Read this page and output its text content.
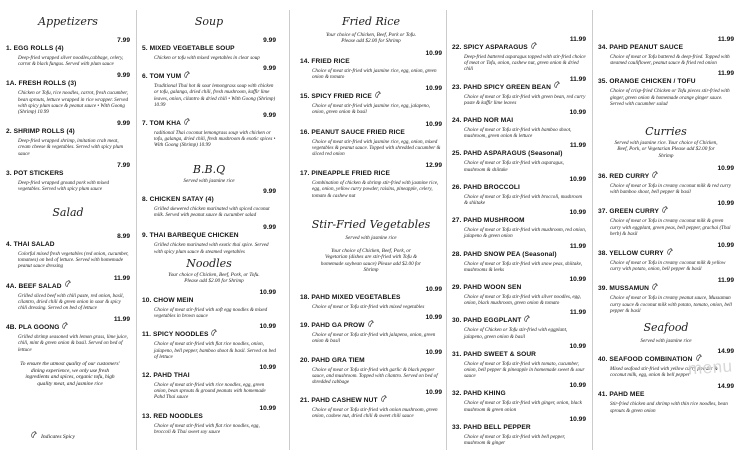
Appetizers
1. EGG ROLLS (4)
7.99
Deep-fried wrapped silver noodles,cabbage, celery, carrot & black fungus. Served with plum sauce
1A. FRESH ROLLS (3)
9.99
Chicken or Tofu, rice noodles, carrot, fresh cucumber, bean sprouts, lettuce wrapped in rice wrapper. Served with spicy plum sauce & peanut sauce • With Goong (Shrimp) 10.99
2. SHRIMP ROLLS (4)
9.99
Deep-fried wrapped shrimp, imitation crab meat, cream cheese & vegetables. Served with spicy plum sauce
3. POT STICKERS
7.99
Deep-fried wrapped ground pork with mixed vegetables. Served with spicy plum sauce
Salad
4. THAI SALAD
8.99
Colorful mixed fresh vegetables (red onion, cucumber, tomatoes) on bed of lettuce. Served with homemade peanut sauce dressing
4A. BEEF SALAD
11.99
Grilled sliced beef with chili paste, red onion, basil, cilantro, dried chili & green onion in sour & spicy chili dressing. Served on bed of lettuce
4B. PLA GOONG
11.99
Grilled shrimp seasoned with lemon grass, lime juice, chili, mint & green onion & basil. Served on bed of lettuce
To ensure the utmost quality of our customers' dining experience, we only use fresh ingredients and spices, organic tofu, high quality meat, and jasmine rice
Indicates Spicy
Soup
5. MIXED VEGETABLE SOUP
9.99
Chicken or tofu with mixed vegetables in clear soup
6. TOM YUM
9.99
Traditional Thai hot & sour lemongrass soup with chicken or tofu, galanga, dried chili, fresh mushroom, kaffir lime leaves, onion, cilantro & dried chili • With Goong (Shrimp) 10.99
7. TOM KHA
9.99
raditional Thai coconut lemongrass soup with chicken or tofu, galanga, dried chili, fresh mushroom & exotic spices • With Goong (Shrimp) 10.99
B.B.Q
Served with jasmine rice
8. CHICKEN SATAY (4)
9.99
Grilled skewered chicken marinated with spiced coconut milk. Served with peanut sauce & cucumber salad
9. THAI BARBEQUE CHICKEN
9.99
Grilled chicken marinated with exotic thai spice. Served with spicy plum sauce & steamed vegetables
Noodles
Your choice of Chicken, Beef, Pork, or Tofu. Please add $2.00 for Shrimp
10. CHOW MEIN
10.99
Choice of meat stir-fried with soft egg noodles & mixed vegetables in brown sauce
11. SPICY NOODLES
10.99
Choice of meat stir-fried with flat rice noodles, onion, jalapeno, bell pepper, bamboo shoot & basil. Served on bed of lettuce
12. PAHD THAI
10.99
Choice of meat stir-fried with rice noodles, egg, green onion, bean sprouts & ground peanuts with homemade Pahd Thai sauce
13. RED NOODLES
10.99
Choice of meat stir-fried with flat rice noodles, egg, broccoli & Thai sweet soy sauce
Fried Rice
Your choice of Chicken, Beef, Pork or Tofu. Please add $2.00 for Shrimp
14. FRIED RICE
10.99
Choice of meat stir-fried with jasmine rice, egg, onion, green onion & tomato
15. SPICY FRIED RICE
10.99
Choice of meat stir-fried with jasmine rice, egg, jalapeno, onion, green onion & basil
16. PEANUT SAUCE FRIED RICE
10.99
Choice of meat stir-fried with jasmine rice, egg, onion, mixed vegetables & peanut sauce. Topped with shredded cucumber & sliced red onion
17. PINEAPPLE FRIED RICE
12.99
Combination of chicken & shrimp stir-fried with jasmine rice, egg, onion, yellow curry powder, raisins, pineapple, celery, tomato & cashew nut
Stir-Fried Vegetables
Served with jasmine rice
Your choice of Chicken, Beef, Pork, or Vegetarian (dishes are stir-fried with Tofu & homemade soybean sauce) Please add $2.00 for Shrimp
18. PAHD MIXED VEGETABLES
10.99
Choice of meat or Tofu stir-fried with mixed vegetables
19. PAHD GA PROW
10.99
Choice of meat or Tofu stir-fried with jalapeno, onion, green onion & basil
20. PAHD GRA TIEM
10.99
Choice of meat or Tofu stir-fried with garlic & black pepper sauce, and mushroom. Topped with cilantro. Served on bed of shredded cabbage
21. PAHD CASHEW NUT
10.99
Choice of meat or Tofu stir-fried with onion mushroom, green onion, cashew nut, dried chili & sweet chili sauce
22. SPICY ASPARAGUS
11.99
Deep-fried battered asparagus topped with stir-fried choice of meat or Tofu, onion, cashew nut, green onion & dried chili
23. PAHD SPICY GREEN BEAN
11.99
Choice of meat or Tofu stir-fried with green bean, red curry paste & kaffir lime leaves
24. PAHD NOR MAI
10.99
Choice of meat or Tofu stir-fried with bamboo shoot, mushroom, green onion & lettuce
25. PAHD ASPARAGUS (Seasonal)
11.99
Choice of meat or Tofu stir-fried with asparagus, mushroom & shiitake
26. PAHD BROCCOLI
10.99
Choice of meat or Tofu stir-fried with broccoli, mushroom & shiitake
27. PAHD MUSHROOM
10.99
Choice of meat or Tofu stir-fried with mushroom, red onion, jalapeno & green onion
28. PAHD SNOW PEA (Seasonal)
11.99
Choice of meat or Tofu stir-fried with snow peas, shiitake, mushrooms & leeks
29. PAHD WOON SEN
10.99
Choice of meat or Tofu stir-fried with silver noodles, egg, onion, black mushroom, green onion & tomato
30. PAHD EGGPLANT
11.99
Choice of Chicken or Tofu stir-fried with eggplant, jalapeno, green onion & basil
31. PAHD SWEET & SOUR
10.99
Choice of meat or Tofu stir-fried with tomato, cucumber, onion, bell pepper & pineapple in homemade sweet & sour sauce
32. PAHD KHING
10.99
Choice of meat or Tofu stir-fried with ginger, onion, black mushroom & green onion
33. PAHD BELL PEPPER
10.99
Choice of meat or Tofu stir-fried with bell pepper, mushroom & ginger
34. PAHD PEANUT SAUCE
11.99
Choice of meat or Tofu battered & deep-fried. Topped with steamed cauliflower, peanut sauce & fried red onion
35. ORANGE CHICKEN / TOFU
11.99
Choice of crisp-fried Chicken or Tofu pieces stir-fried with ginger, green onion & homemade orange ginger sauce. Served with cucumber salad
Curries
Served with jasmine rice. Your choice of Chicken, Beef, Pork, or Vegetarian Please add $2.00 for Shrimp
36. RED CURRY
10.99
Choice of meat or Tofu in creamy coconut milk & red curry with bamboo shoot, bell pepper & basil
37. GREEN CURRY
10.99
Choice of meat or Tofu in creamy coconut milk & green curry with eggplant, green peas, bell pepper, grachai (Thai herb) & basil
38. YELLOW CURRY
10.99
Choice of meat or Tofu in creamy coconut milk & yellow curry with potato, onion, bell pepper & basil
39. MUSSAMUN
11.99
Choice of meat or Tofu in creamy peanut sauce, Mussamun curry sauce & coconut milk with potato, tomato, onion, bell pepper & basil
Seafood
Served with jasmine rice
40. SEAFOOD COMBINATION
14.99
Mixed seafood stir-fried with yellow curry powder & coconut milk, egg, onion & bell pepper
41. PAHD MEE
14.99
Stir-fried chicken and shrimp with thin rice noodles, bean sprouts & green onion
menu
